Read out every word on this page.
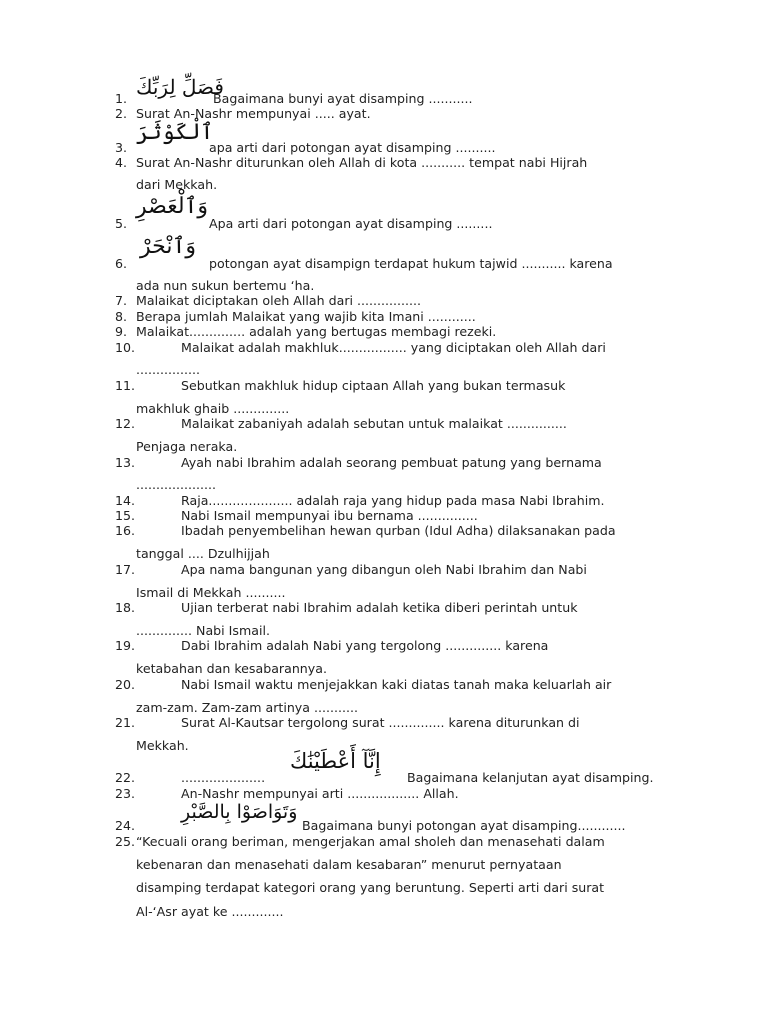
1. فَصَلِّ لِرَبِّكَ
Bagaimana bunyi ayat disamping ...........
2. Surat An-Nashr mempunyai ..... ayat.
3.
ٱلْكَوْثَرَ
apa arti dari potongan ayat disamping ..........
4. Surat An-Nashr diturunkan oleh Allah di kota ........... tempat nabi Hijrah
dari Mekkah.
5.
وَٱلْعَصْرِ
Apa arti dari potongan ayat disamping .........
6.
وَٱنْحَرْ
potongan ayat disampign terdapat hukum tajwid ........... karena
ada nun sukun bertemu ‘ha.
7. Malaikat diciptakan oleh Allah dari ................
8. Berapa jumlah Malaikat yang wajib kita Imani ............
9. Malaikat.............. adalah yang bertugas membagi rezeki.
10.	Malaikat adalah makhluk................. yang diciptakan oleh Allah dari
................
11.	Sebutkan makhluk hidup ciptaan Allah yang bukan termasuk
makhluk ghaib ..............
12.	Malaikat zabaniyah adalah sebutan untuk malaikat ...............
Penjaga neraka.
13.	Ayah nabi Ibrahim adalah seorang pembuat patung yang bernama
....................
14.	Raja..................... adalah raja yang hidup pada masa Nabi Ibrahim.
15.	Nabi Ismail mempunyai ibu bernama ...............
16.	Ibadah penyembelihan hewan qurban (Idul Adha) dilaksanakan pada
tanggal .... Dzulhijjah
17.	Apa nama bangunan yang dibangun oleh Nabi Ibrahim dan Nabi
Ismail di Mekkah ..........
18.	Ujian terberat nabi Ibrahim adalah ketika diberi perintah untuk
.............. Nabi Ismail.
19.	Dabi Ibrahim adalah Nabi yang tergolong .............. karena
ketabahan dan kesabarannya.
20.	Nabi Ismail waktu menjejakkan kaki diatas tanah maka keluarlah air
zam-zam. Zam-zam artinya ...........
21.	Surat Al-Kautsar tergolong surat .............. karena diturunkan di
Mekkah.
22.	.....................
إِنَّآ أَعْطَيْنَٰكَ
Bagaimana kelanjutan ayat disamping.
23.	An-Nashr mempunyai arti .................. Allah.
24.
وَتَوَاصَوْا بِالصَّبْرِ
Bagaimana bunyi potongan ayat disamping............
25. “Kecuali orang beriman, mengerjakan amal sholeh dan menasehati dalam
kebenaran dan menasehati dalam kesabaran” menurut pernyataan
disamping terdapat kategori orang yang beruntung. Seperti arti dari surat
Al-‘Asr ayat ke .............
